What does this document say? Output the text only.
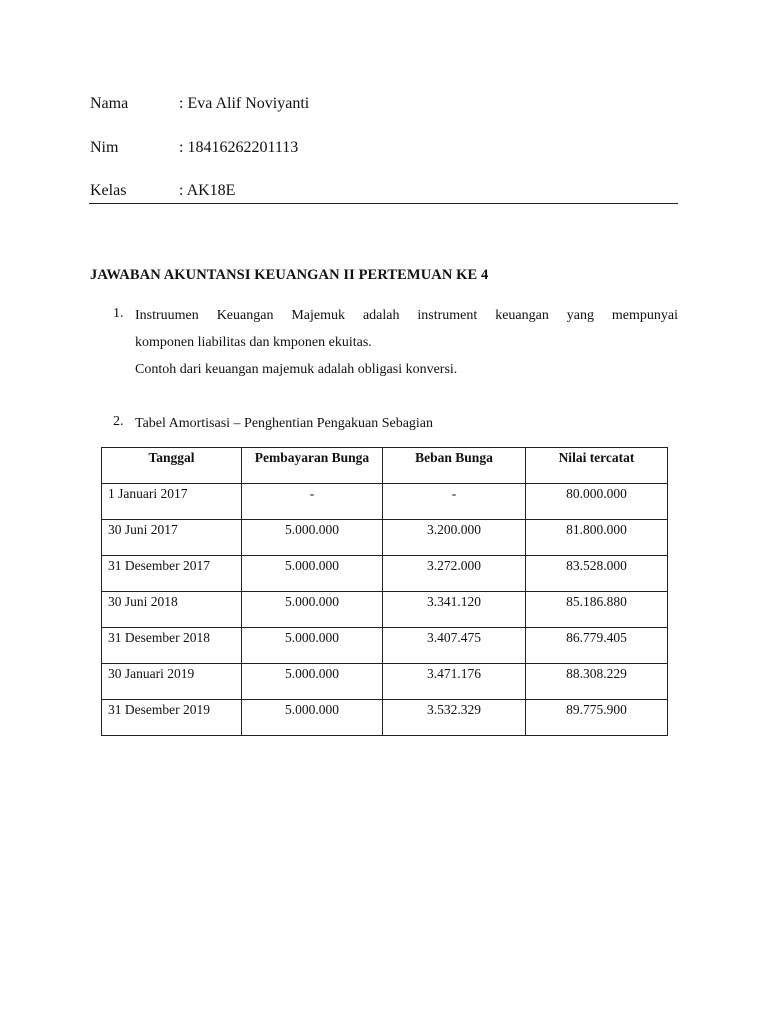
Nama	: Eva Alif Noviyanti
Nim	: 18416262201113
Kelas	: AK18E
JAWABAN AKUNTANSI KEUANGAN II PERTEMUAN KE 4
1. Instruumen Keuangan Majemuk adalah instrument keuangan yang mempunyai
komponen liabilitas dan kmponen ekuitas.
Contoh dari keuangan majemuk adalah obligasi konversi.
2. Tabel Amortisasi – Penghentian Pengakuan Sebagian
Tanggal	Pembayaran Bunga	Beban Bunga	Nilai tercatat
1 Januari 2017	-	-	80.000.000
30 Juni 2017	5.000.000	3.200.000	81.800.000
31 Desember 2017	5.000.000	3.272.000	83.528.000
30 Juni 2018	5.000.000	3.341.120	85.186.880
31 Desember 2018	5.000.000	3.407.475	86.779.405
30 Januari 2019	5.000.000	3.471.176	88.308.229
31 Desember 2019	5.000.000	3.532.329	89.775.900
